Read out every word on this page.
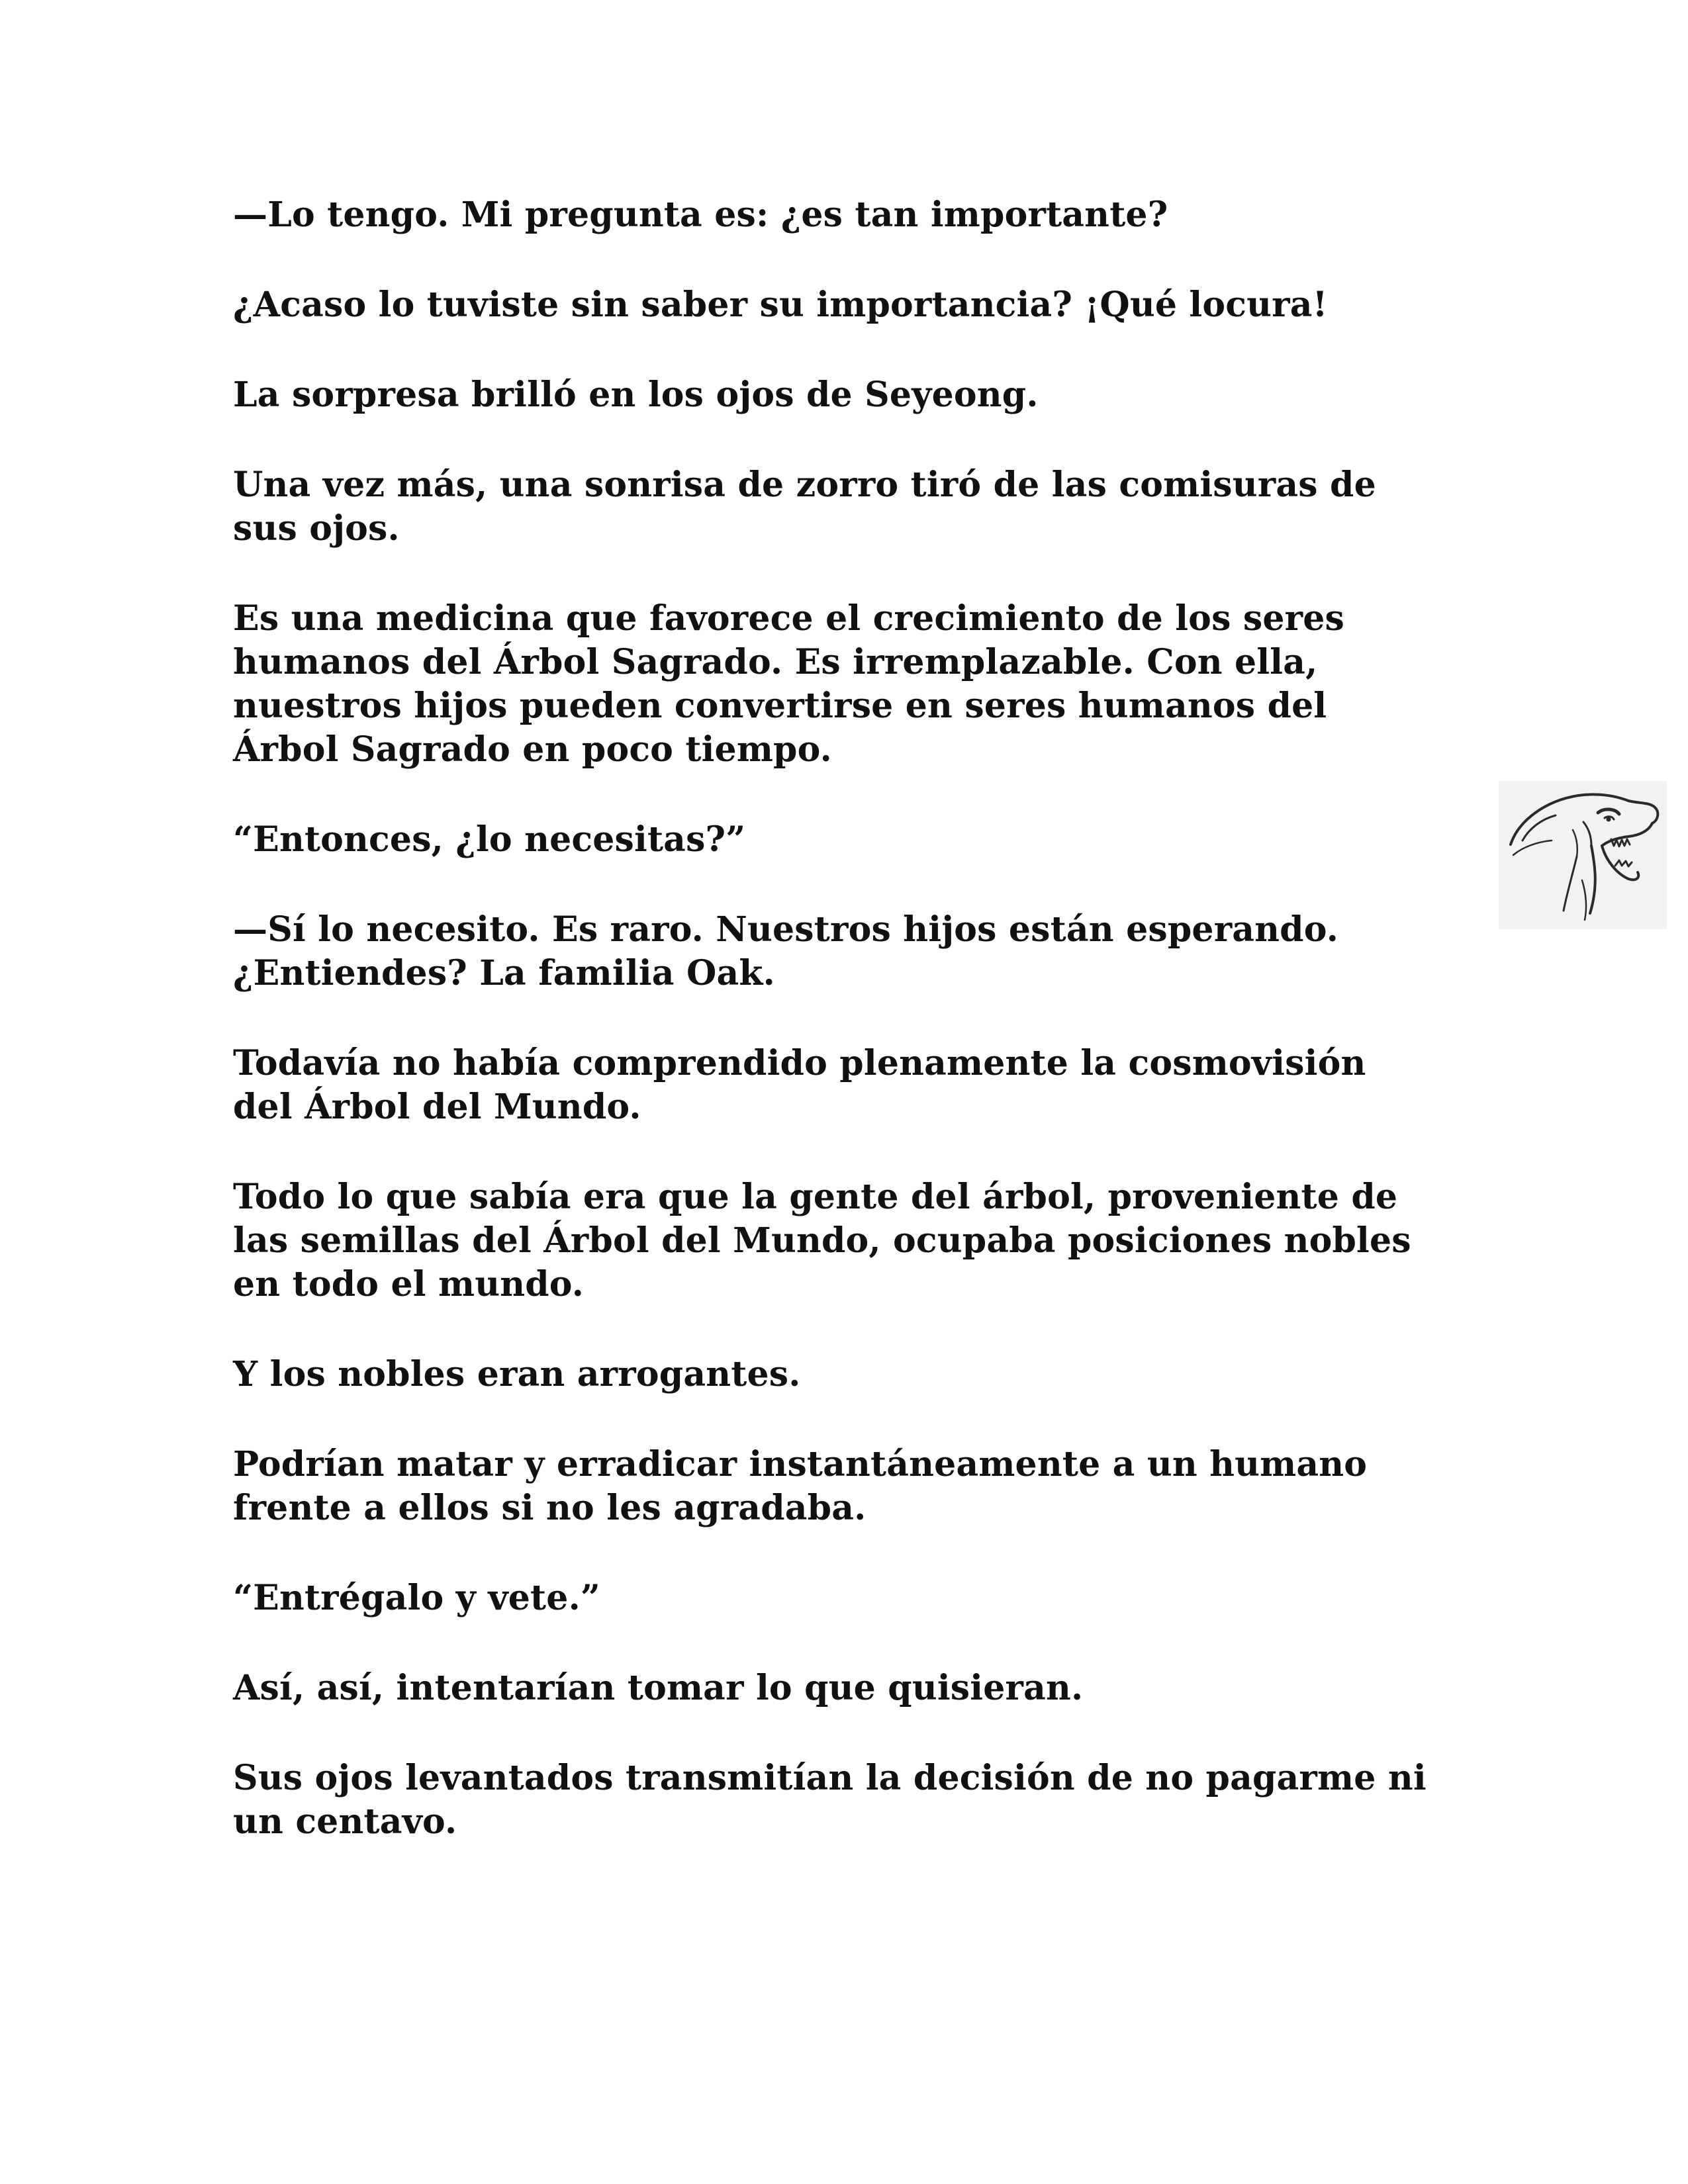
—Lo tengo. Mi pregunta es: ¿es tan importante?

¿Acaso lo tuviste sin saber su importancia? ¡Qué locura!

La sorpresa brilló en los ojos de Seyeong.

Una vez más, una sonrisa de zorro tiró de las comisuras de
sus ojos.

Es una medicina que favorece el crecimiento de los seres
humanos del Árbol Sagrado. Es irremplazable. Con ella,
nuestros hijos pueden convertirse en seres humanos del
Árbol Sagrado en poco tiempo.

“Entonces, ¿lo necesitas?”

—Sí lo necesito. Es raro. Nuestros hijos están esperando.
¿Entiendes? La familia Oak.

Todavía no había comprendido plenamente la cosmovisión
del Árbol del Mundo.

Todo lo que sabía era que la gente del árbol, proveniente de
las semillas del Árbol del Mundo, ocupaba posiciones nobles
en todo el mundo.

Y los nobles eran arrogantes.

Podrían matar y erradicar instantáneamente a un humano
frente a ellos si no les agradaba.

“Entrégalo y vete.”

Así, así, intentarían tomar lo que quisieran.

Sus ojos levantados transmitían la decisión de no pagarme ni
un centavo.
